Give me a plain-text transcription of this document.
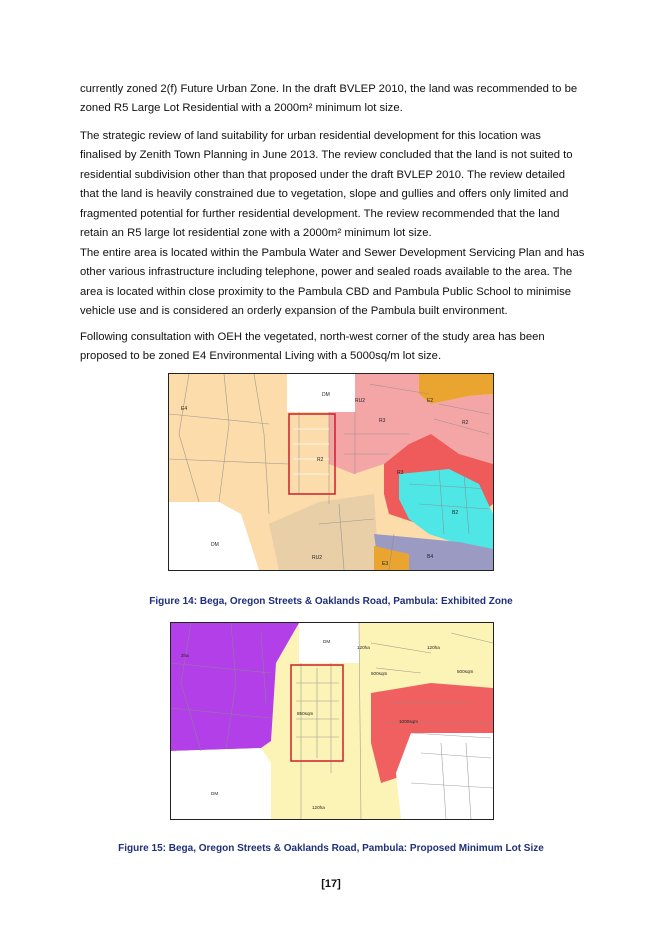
currently zoned 2(f) Future Urban Zone. In the draft BVLEP 2010, the land was recommended to be zoned R5 Large Lot Residential with a 2000m² minimum lot size.

The strategic review of land suitability for urban residential development for this location was finalised by Zenith Town Planning in June 2013. The review concluded that the land is not suited to residential subdivision other than that proposed under the draft BVLEP 2010. The review detailed that the land is heavily constrained due to vegetation, slope and gullies and offers only limited and fragmented potential for further residential development. The review recommended that the land retain an R5 large lot residential zone with a 2000m² minimum lot size.

The entire area is located within the Pambula Water and Sewer Development Servicing Plan and has other various infrastructure including telephone, power and sealed roads available to the area. The area is located within close proximity to the Pambula CBD and Pambula Public School to minimise vehicle use and is considered an orderly expansion of the Pambula built environment.

Following consultation with OEH the vegetated, north-west corner of the study area has been proposed to be zoned E4 Environmental Living with a 5000sq/m lot size.

E4
DM
RU2	E2
R3	R2
R2
R3
B2
DM
RU2	B4
E3
Figure 14: Bega, Oregon Streets & Oaklands Road, Pambula: Exhibited Zone
2ha
DM
120ha	120ha
500sqm	500sqm
850sqm
1000sqm
DM
120ha
Figure 15: Bega, Oregon Streets & Oaklands Road, Pambula: Proposed Minimum Lot Size
[17]
